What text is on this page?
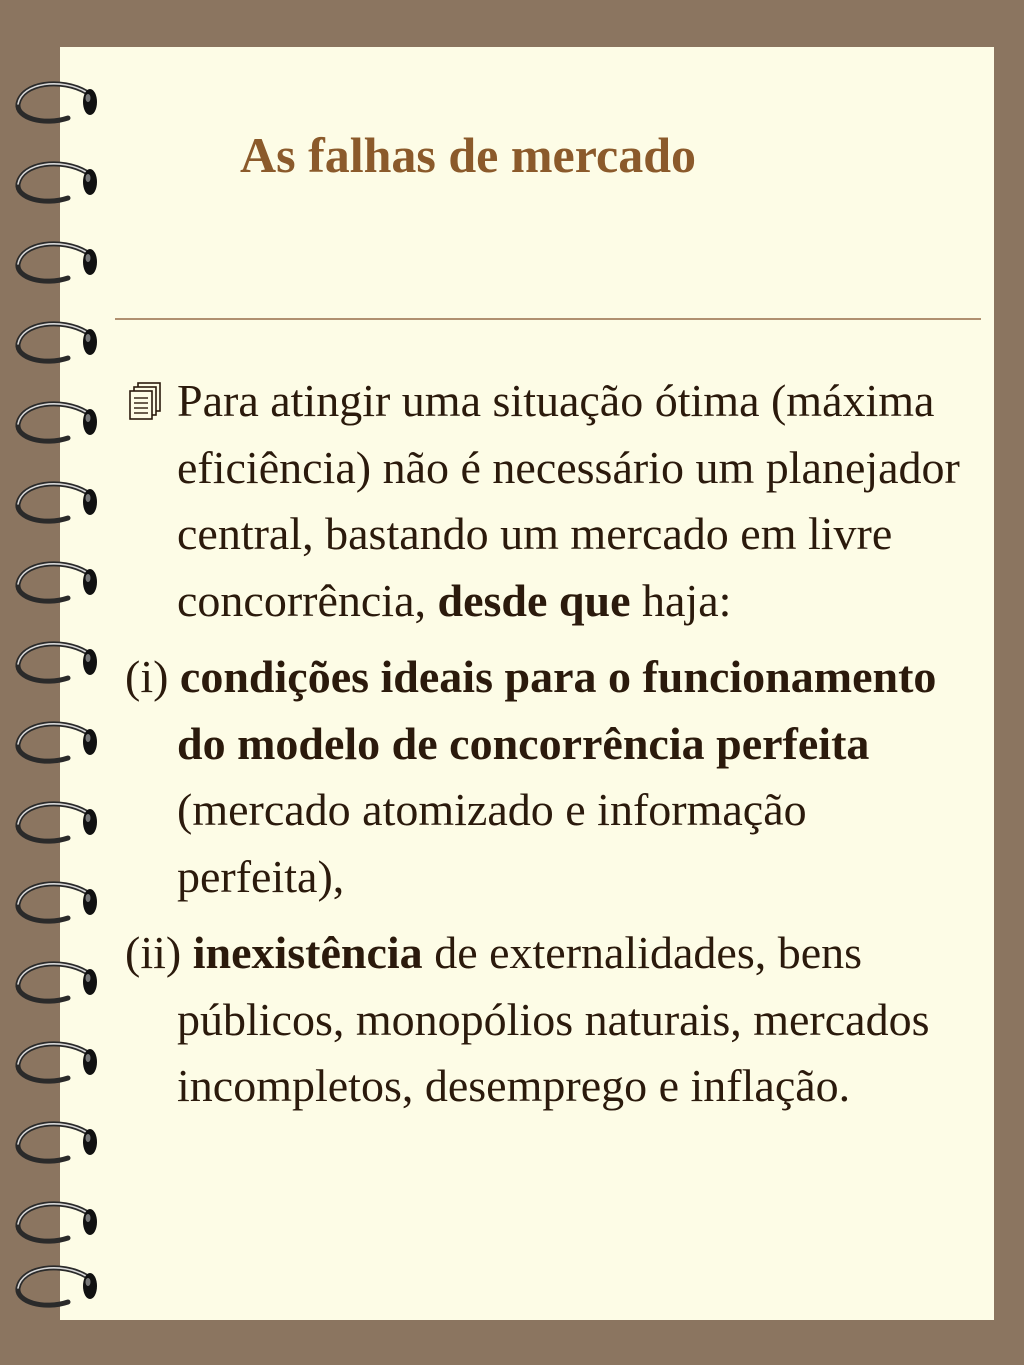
As falhas de mercado

Para atingir uma situação ótima (máxima eficiência) não é necessário um planejador central, bastando um mercado em livre concorrência, desde que haja:

(i) condições ideais para o funcionamento do modelo de concorrência perfeita (mercado atomizado e informação perfeita),

(ii) inexistência de externalidades, bens públicos, monopólios naturais, mercados incompletos, desemprego e inflação.
